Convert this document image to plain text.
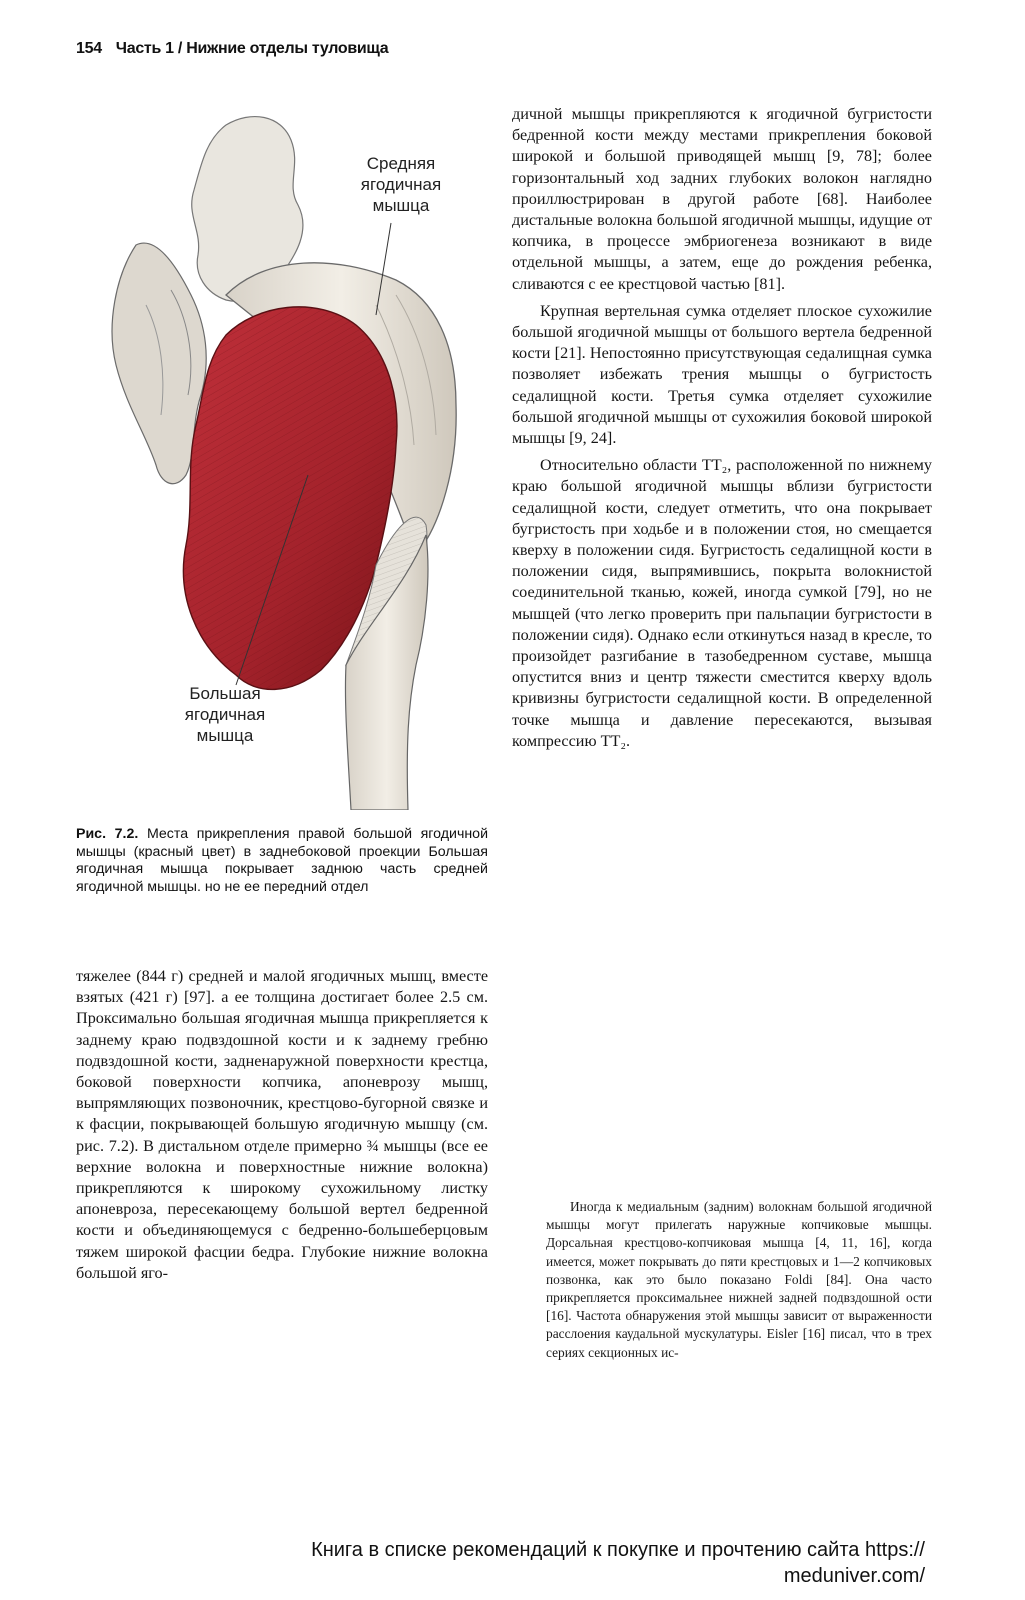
154 Часть 1 / Нижние отделы туловища
Средняя
ягодичная
мышца
Большая
ягодичная
мышца
Рис. 7.2. Места прикрепления правой большой ягодичной мышцы (красный цвет) в заднебоковой проекции Большая ягодичная мышца покрывает заднюю часть средней ягодичной мышцы. но не ее передний отдел

тяжелее (844 г) средней и малой ягодичных мышц, вместе взятых (421 г) [97]. а ее толщина достигает более 2.5 см. Проксимально большая ягодичная мышца прикрепляется к заднему краю подвздошной кости и к заднему гребню подвздошной кости, задненаружной поверхности крестца, боковой поверхности копчика, апоневрозу мышц, выпрямляющих позвоночник, крестцово-бугорной связке и к фасции, покрывающей большую ягодичную мышцу (см. рис. 7.2). В дистальном отделе примерно ¾ мышцы (все ее верхние волокна и поверхностные нижние волокна) прикрепляются к широкому сухожильному листку апоневроза, пересекающему большой вертел бедренной кости и объединяющемуся с бедренно-большеберцовым тяжем широкой фасции бедра. Глубокие нижние волокна большой яго-

дичной мышцы прикрепляются к ягодичной бугристости бедренной кости между местами прикрепления боковой широкой и большой приводящей мышц [9, 78]; более горизонтальный ход задних глубоких волокон наглядно проиллюстрирован в другой работе [68]. Наиболее дистальные волокна большой ягодичной мышцы, идущие от копчика, в процессе эмбриогенеза возникают в виде отдельной мышцы, а затем, еще до рождения ребенка, сливаются с ее крестцовой частью [81].

Крупная вертельная сумка отделяет плоское сухожилие большой ягодичной мышцы от большого вертела бедренной кости [21]. Непостоянно присутствующая седалищная сумка позволяет избежать трения мышцы о бугристость седалищной кости. Третья сумка отделяет сухожилие большой ягодичной мышцы от сухожилия боковой широкой мышцы [9, 24].

Относительно области ТТ₂, расположенной по нижнему краю большой ягодичной мышцы вблизи бугристости седалищной кости, следует отметить, что она покрывает бугристость при ходьбе и в положении стоя, но смещается кверху в положении сидя. Бугристость седалищной кости в положении сидя, выпрямившись, покрыта волокнистой соединительной тканью, кожей, иногда сумкой [79], но не мышцей (что легко проверить при пальпации бугристости в положении сидя). Однако если откинуться назад в кресле, то произойдет разгибание в тазобедренном суставе, мышца опустится вниз и центр тяжести сместится кверху вдоль кривизны бугристости седалищной кости. В определенной точке мышца и давление пересекаются, вызывая компрессию ТТ₂.

Иногда к медиальным (задним) волокнам большой ягодичной мышцы могут прилегать наружные копчиковые мышцы. Дорсальная крестцово-копчиковая мышца [4, 11, 16], когда имеется, может покрывать до пяти крестцовых и 1—2 копчиковых позвонка, как это было показано Foldi [84]. Она часто прикрепляется проксимальнее нижней задней подвздошной ости [16]. Частота обнаружения этой мышцы зависит от выраженности расслоения каудальной мускулатуры. Eisler [16] писал, что в трех сериях секционных ис-
Книга в списке рекомендаций к покупке и прочтению сайта https://
meduniver.com/
